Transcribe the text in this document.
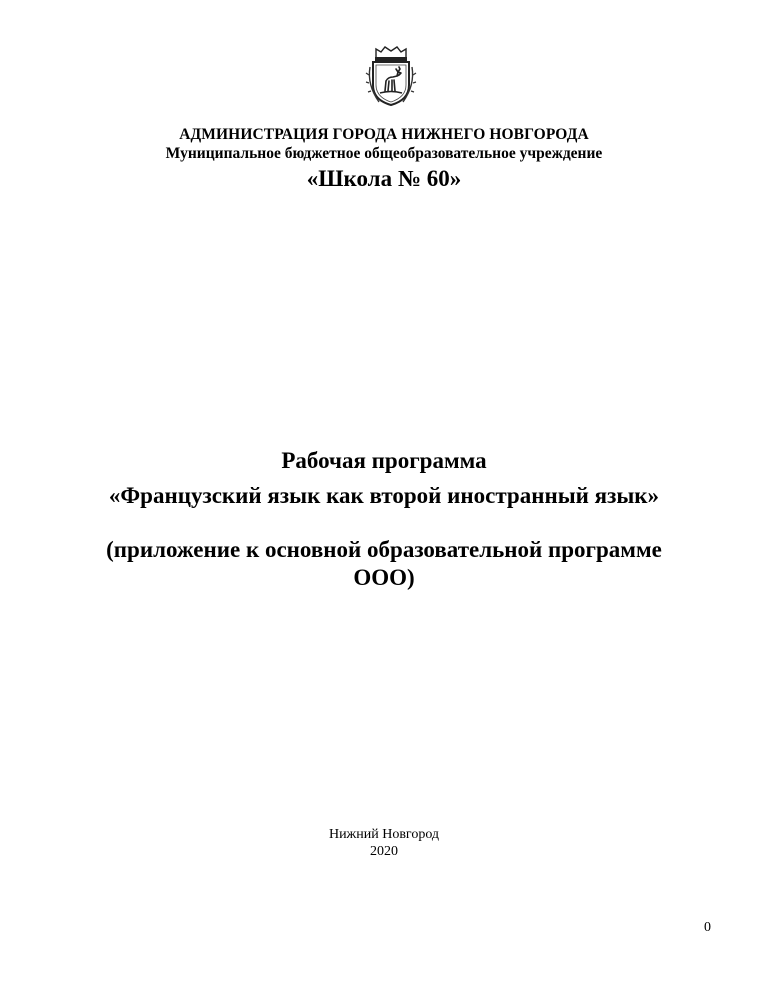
АДМИНИСТРАЦИЯ ГОРОДА НИЖНЕГО НОВГОРОДА
Муниципальное бюджетное общеобразовательное учреждение
«Школа № 60»
Рабочая программа
«Французский язык как второй иностранный язык»
(приложение к основной образовательной программе
ООО)
Нижний Новгород
2020
0
